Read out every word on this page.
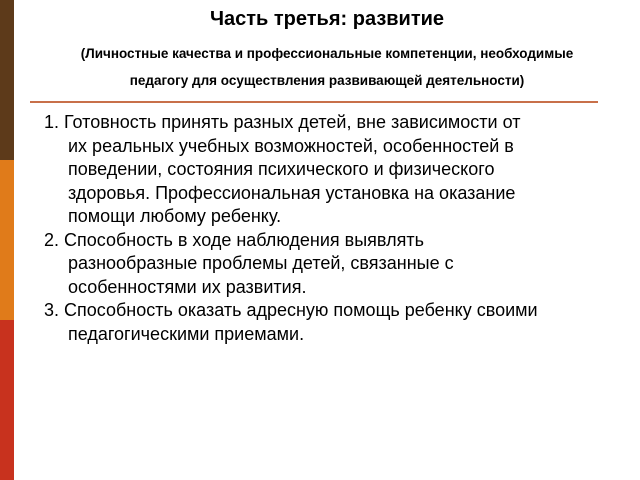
Часть третья: развитие

(Личностные качества и профессиональные компетенции, необходимые
педагогу для осуществления развивающей деятельности)

1. Готовность принять разных детей, вне зависимости от
их реальных учебных возможностей, особенностей в
поведении, состояния психического и физического
здоровья. Профессиональная установка на оказание
помощи любому ребенку.
2. Способность в ходе наблюдения выявлять
разнообразные проблемы детей, связанные с
особенностями их развития.
3. Способность оказать адресную помощь ребенку своими
педагогическими приемами.
